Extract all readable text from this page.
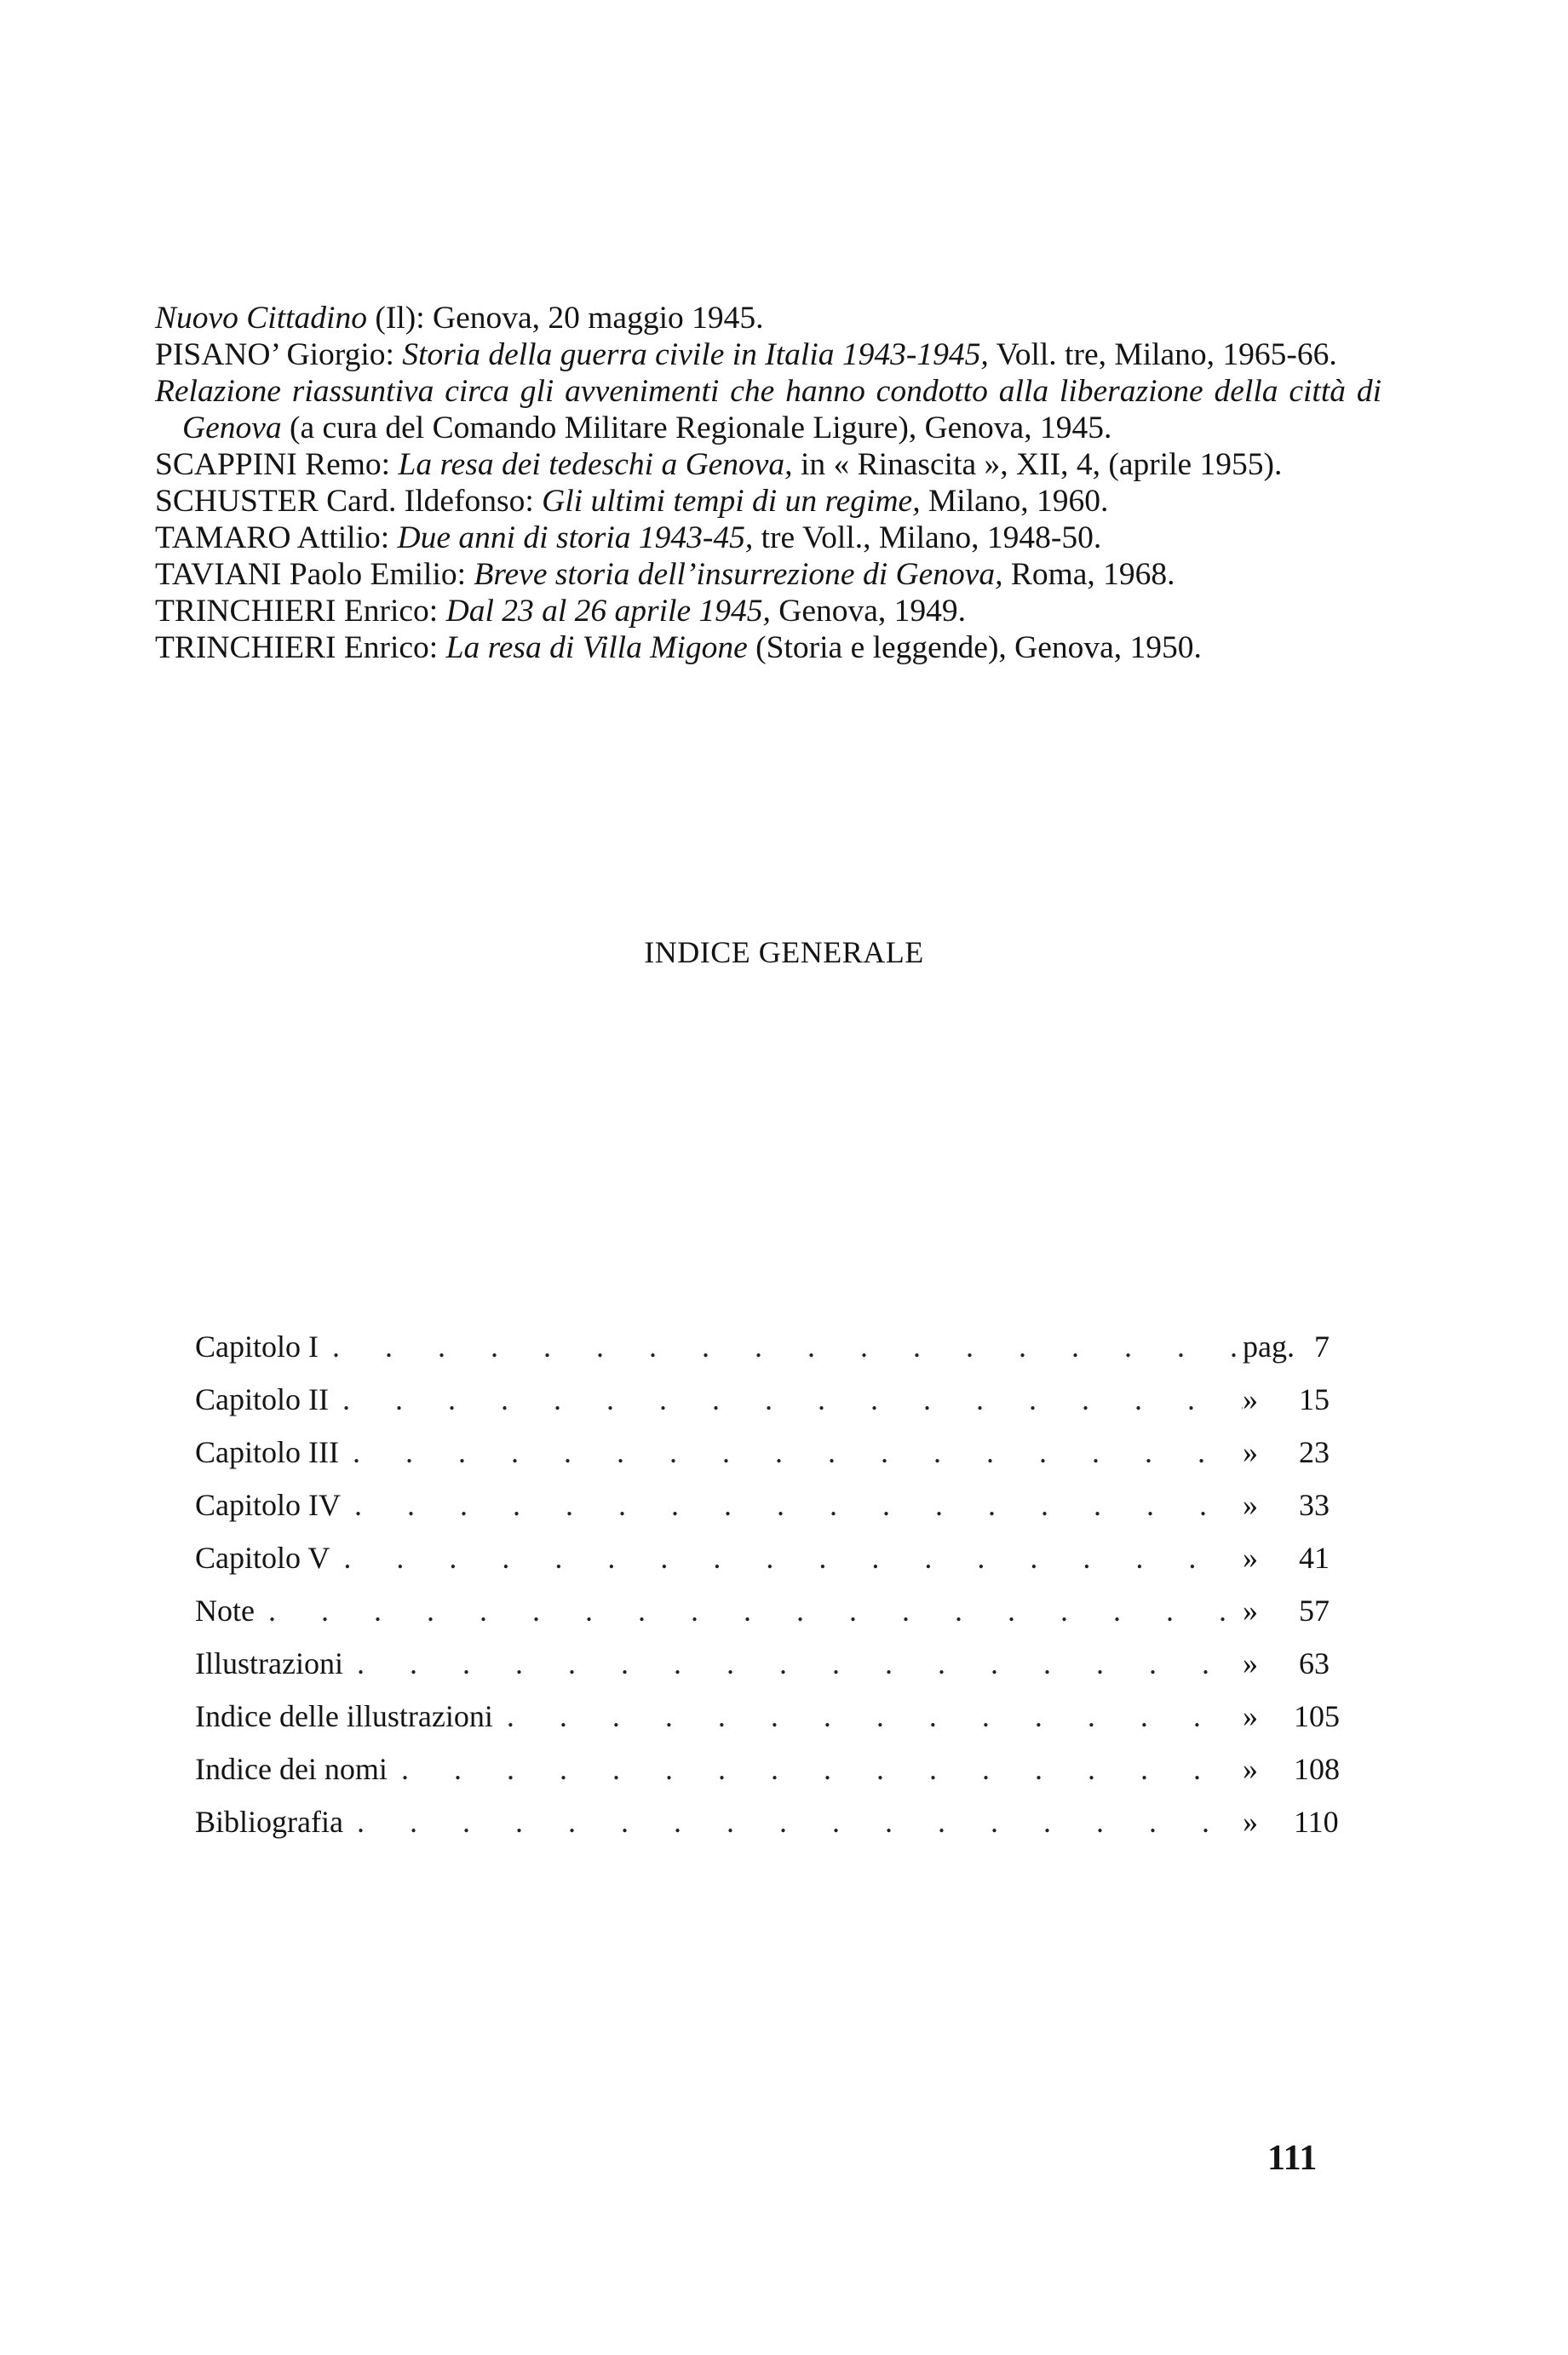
Nuovo Cittadino (Il): Genova, 20 maggio 1945.

PISANO’ Giorgio: Storia della guerra civile in Italia 1943-1945, Voll. tre, Milano, 1965-66.

Relazione riassuntiva circa gli avvenimenti che hanno condotto alla liberazione della città di Genova (a cura del Comando Militare Regionale Ligure), Genova, 1945.

SCAPPINI Remo: La resa dei tedeschi a Genova, in « Rinascita », XII, 4, (aprile 1955).

SCHUSTER Card. Ildefonso: Gli ultimi tempi di un regime, Milano, 1960.

TAMARO Attilio: Due anni di storia 1943-45, tre Voll., Milano, 1948-50.

TAVIANI Paolo Emilio: Breve storia dell’insurrezione di Genova, Roma, 1968.

TRINCHIERI Enrico: Dal 23 al 26 aprile 1945, Genova, 1949.

TRINCHIERI Enrico: La resa di Villa Migone (Storia e leggende), Genova, 1950.

INDICE GENERALE
Capitolo I . . .	pag. 7
Capitolo II . . .	»	15
Capitolo III . . .	»	23
Capitolo IV . . .	»	33
Capitolo V . . .	»	41
Note . . .	»	57
Illustrazioni . . .	»	63
Indice delle illustrazioni . . .	»	105
Indice dei nomi . . .	»	108
Bibliografia . . .	»	110
111
